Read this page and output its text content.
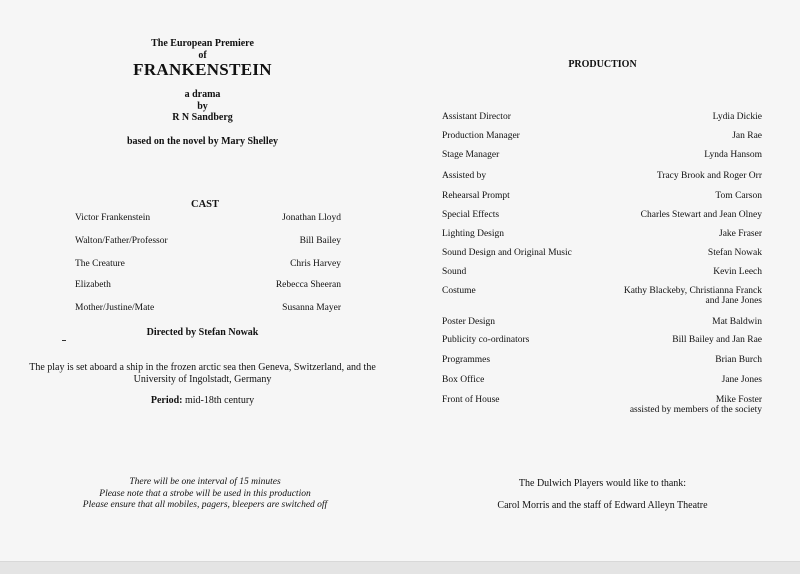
The European Premiere
of
FRANKENSTEIN
a drama
by
R N Sandberg
based on the novel by Mary Shelley
CAST
Victor Frankenstein	Jonathan Lloyd
Walton/Father/Professor	Bill Bailey
The Creature	Chris Harvey
Elizabeth	Rebecca Sheeran
Mother/Justine/Mate	Susanna Mayer
Directed by Stefan Nowak
The play is set aboard a ship in the frozen arctic sea then Geneva, Switzerland, and the
University of Ingolstadt, Germany
Period: mid-18th century
There will be one interval of 15 minutes
Please note that a strobe will be used in this production
Please ensure that all mobiles, pagers, bleepers are switched off
PRODUCTION
Assistant Director	Lydia Dickie
Production Manager	Jan Rae
Stage Manager	Lynda Hansom
Assisted by	Tracy Brook and Roger Orr
Rehearsal Prompt	Tom Carson
Special Effects	Charles Stewart and Jean Olney
Lighting Design	Jake Fraser
Sound Design and Original Music	Stefan Nowak
Sound	Kevin Leech
Costume	Kathy Blackeby, Christianna Franck
and Jane Jones
Poster Design	Mat Baldwin
Publicity co-ordinators	Bill Bailey and Jan Rae
Programmes	Brian Burch
Box Office	Jane Jones
Front of House	Mike Foster
assisted by members of the society
The Dulwich Players would like to thank:
Carol Morris and the staff of Edward Alleyn Theatre
